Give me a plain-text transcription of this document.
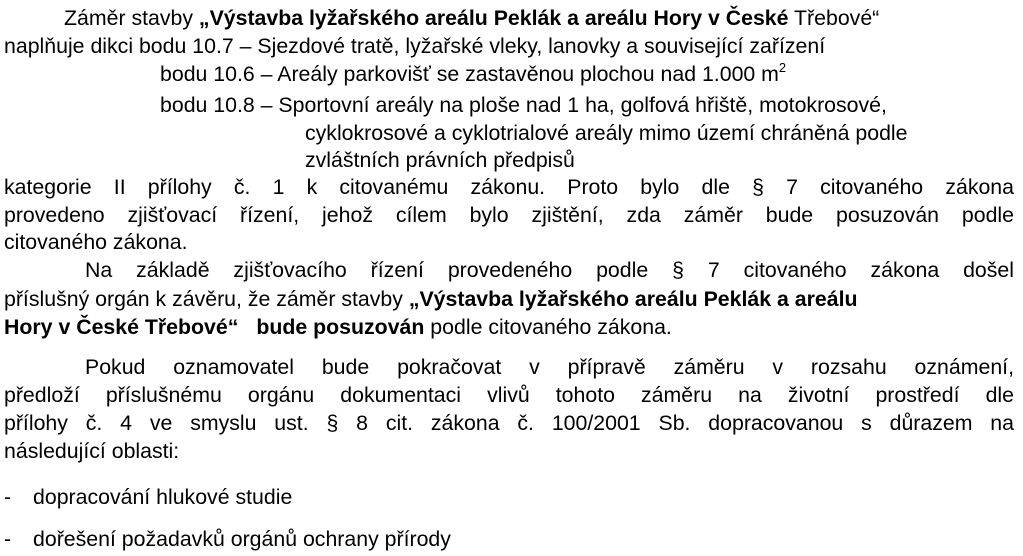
Záměr stavby „Výstavba lyžařského areálu Peklák a areálu Hory v České Třebové“
naplňuje dikci bodu 10.7 – Sjezdové tratě, lyžařské vleky, lanovky a související zařízení
bodu 10.6 – Areály parkovišť se zastavěnou plochou nad 1.000 $m^2$
bodu 10.8 – Sportovní areály na ploše nad 1 ha, golfová hřiště, motokrosové,
cyklokrosové a cyklotrialové areály mimo území chráněná podle
zvláštních právních předpisů
kategorie II přílohy č. 1 k citovanému zákonu. Proto bylo dle § 7 citovaného zákona
provedeno zjišťovací řízení, jehož cílem bylo zjištění, zda záměr bude posuzován podle
citovaného zákona.
Na základě zjišťovacího řízení provedeného podle § 7 citovaného zákona došel
příslušný orgán k závěru, že záměr stavby „Výstavba lyžařského areálu Peklák a areálu
Hory v České Třebové“ bude posuzován podle citovaného zákona.
Pokud oznamovatel bude pokračovat v přípravě záměru v rozsahu oznámení,
předloží příslušnému orgánu dokumentaci vlivů tohoto záměru na životní prostředí dle
přílohy č. 4 ve smyslu ust. § 8 cit. zákona č. 100/2001 Sb. dopracovanou s důrazem na
následující oblasti:
- dopracování hlukové studie
- dořešení požadavků orgánů ochrany přírody
